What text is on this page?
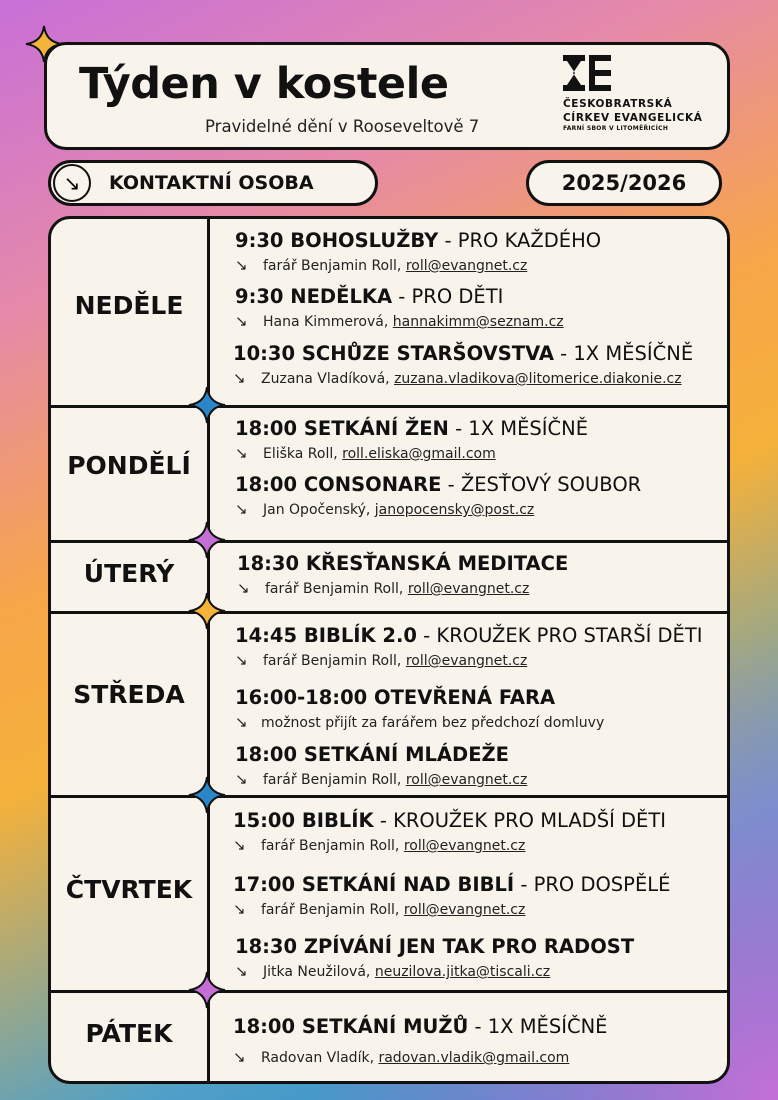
Týden v kostele
Pravidelné dění v Rooseveltově 7
ČESKOBRATRSKÁ
CÍRKEV EVANGELICKÁ
FARNÍ SBOR V LITOMĚŘICÍCH
↘	KONTAKTNÍ OSOBA	2025/2026
NEDĚLE
PONDĚLÍ
ÚTERÝ
STŘEDA
ČTVRTEK
PÁTEK
9:30 BOHOSLUŽBY - PRO KAŽDÉHO
↘ farář Benjamin Roll, roll@evangnet.cz
9:30 NEDĚLKA - PRO DĚTI
↘ Hana Kimmerová, hannakimm@seznam.cz
10:30 SCHŮZE STARŠOVSTVA - 1X MĚSÍČNĚ
↘ Zuzana Vladíková, zuzana.vladikova@litomerice.diakonie.cz
18:00 SETKÁNÍ ŽEN - 1X MĚSÍČNĚ
↘ Eliška Roll, roll.eliska@gmail.com
18:00 CONSONARE - ŽESŤOVÝ SOUBOR
↘ Jan Opočenský, janopocensky@post.cz
18:30 KŘESŤANSKÁ MEDITACE
↘ farář Benjamin Roll, roll@evangnet.cz
14:45 BIBLÍK 2.0 - KROUŽEK PRO STARŠÍ DĚTI
↘ farář Benjamin Roll, roll@evangnet.cz
16:00-18:00 OTEVŘENÁ FARA
↘ možnost přijít za farářem bez předchozí domluvy
18:00 SETKÁNÍ MLÁDEŽE
↘ farář Benjamin Roll, roll@evangnet.cz
15:00 BIBLÍK - KROUŽEK PRO MLADŠÍ DĚTI
↘ farář Benjamin Roll, roll@evangnet.cz
17:00 SETKÁNÍ NAD BIBLÍ - PRO DOSPĚLÉ
↘ farář Benjamin Roll, roll@evangnet.cz
18:30 ZPÍVÁNÍ JEN TAK PRO RADOST
↘ Jitka Neužilová, neuzilova.jitka@tiscali.cz
18:00 SETKÁNÍ MUŽŮ - 1X MĚSÍČNĚ
↘ Radovan Vladík, radovan.vladik@gmail.com
